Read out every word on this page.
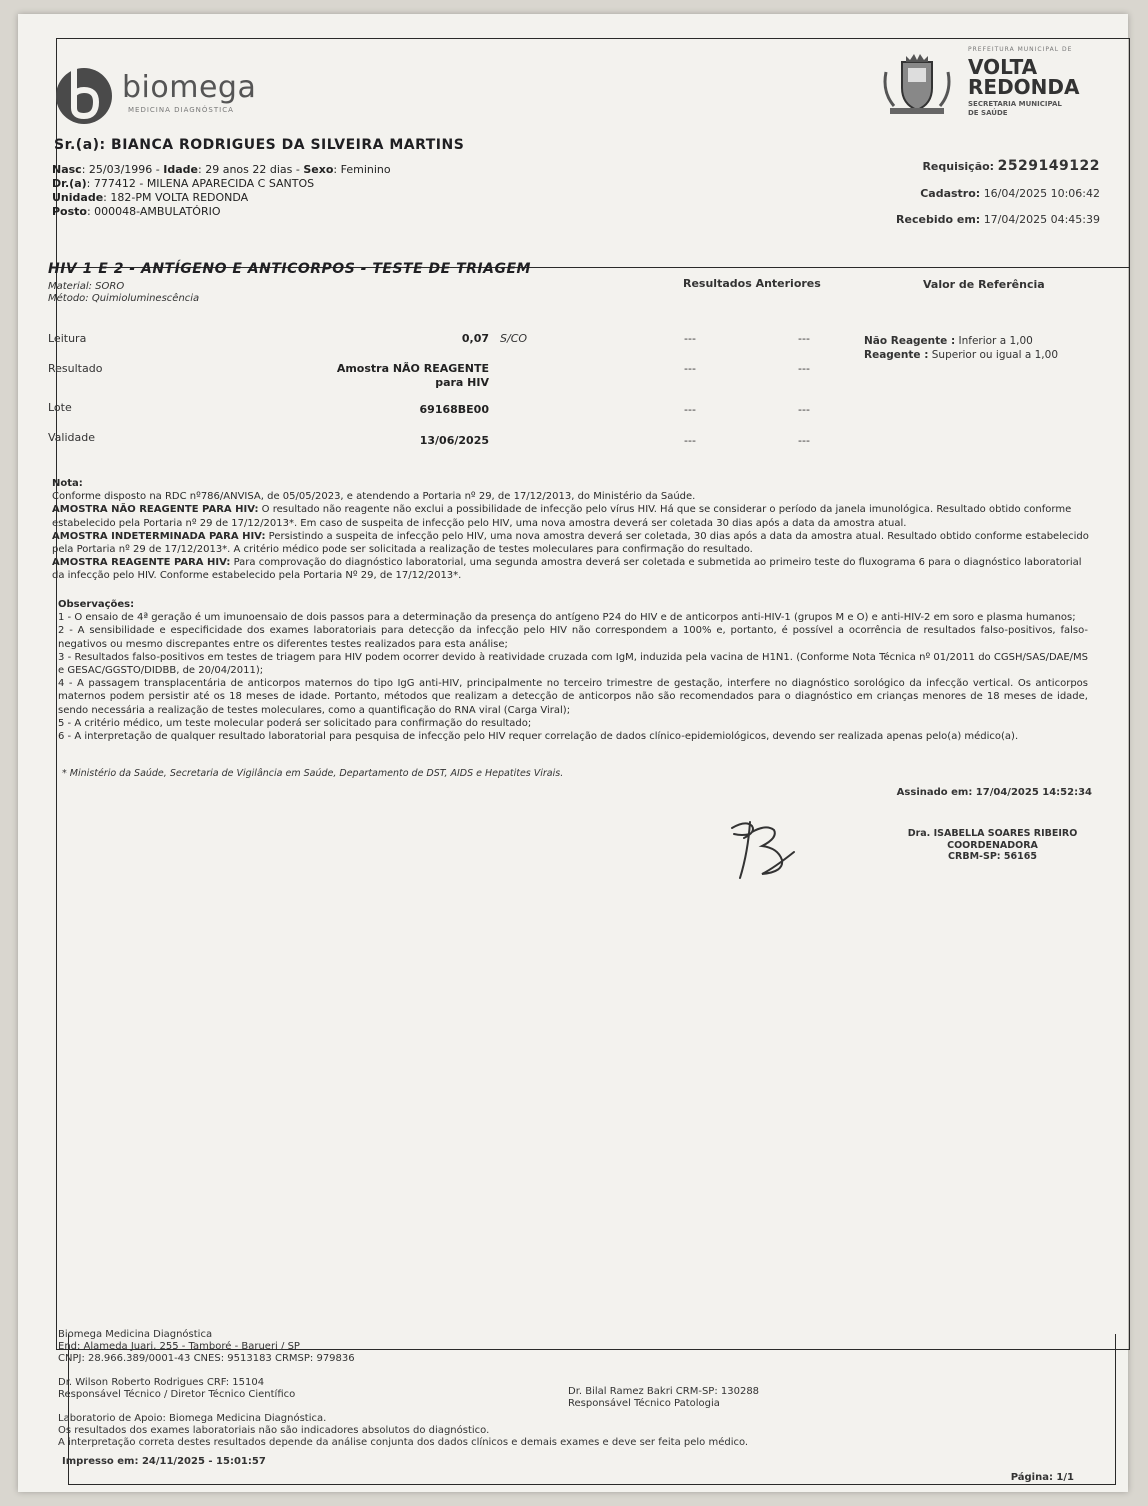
biomega
MEDICINA DIAGNÓSTICA
PREFEITURA MUNICIPAL DE
VOLTA
REDONDA
SECRETARIA MUNICIPAL
DE SAÚDE
Sr.(a): BIANCA RODRIGUES DA SILVEIRA MARTINS
Nasc: 25/03/1996 - Idade: 29 anos 22 dias - Sexo: Feminino
Dr.(a): 777412 - MILENA APARECIDA C SANTOS
Unidade: 182-PM VOLTA REDONDA
Posto: 000048-AMBULATÓRIO
Requisição: 2529149122
Cadastro: 16/04/2025 10:06:42
Recebido em: 17/04/2025 04:45:39
HIV 1 E 2 - ANTÍGENO E ANTICORPOS - TESTE DE TRIAGEM
Material: SORO
Método: Quimioluminescência
Resultados Anteriores	Valor de Referência
Leitura	0,07 S/CO	---	---
Resultado	Amostra NÃO REAGENTE
para HIV
---	---
Lote	69168BE00	---	---
Validade	13/06/2025	---	---
Não Reagente : Inferior a 1,00
Reagente : Superior ou igual a 1,00
Nota:
Conforme disposto na RDC nº786/ANVISA, de 05/05/2023, e atendendo a Portaria nº 29, de 17/12/2013, do Ministério da Saúde.
AMOSTRA NÃO REAGENTE PARA HIV: O resultado não reagente não exclui a possibilidade de infecção pelo vírus HIV. Há que se considerar o período da janela imunológica. Resultado obtido conforme estabelecido pela Portaria nº 29 de 17/12/2013*. Em caso de suspeita de infecção pelo HIV, uma nova amostra deverá ser coletada 30 dias após a data da amostra atual.
AMOSTRA INDETERMINADA PARA HIV: Persistindo a suspeita de infecção pelo HIV, uma nova amostra deverá ser coletada, 30 dias após a data da amostra atual. Resultado obtido conforme estabelecido pela Portaria nº 29 de 17/12/2013*. A critério médico pode ser solicitada a realização de testes moleculares para confirmação do resultado.
AMOSTRA REAGENTE PARA HIV: Para comprovação do diagnóstico laboratorial, uma segunda amostra deverá ser coletada e submetida ao primeiro teste do fluxograma 6 para o diagnóstico laboratorial da infecção pelo HIV. Conforme estabelecido pela Portaria Nº 29, de 17/12/2013*.
Observações:
1 - O ensaio de 4ª geração é um imunoensaio de dois passos para a determinação da presença do antígeno P24 do HIV e de anticorpos anti-HIV-1 (grupos M e O) e anti-HIV-2 em soro e plasma humanos;
2 - A sensibilidade e especificidade dos exames laboratoriais para detecção da infecção pelo HIV não correspondem a 100% e, portanto, é possível a ocorrência de resultados falso-positivos, falso-negativos ou mesmo discrepantes entre os diferentes testes realizados para esta análise;
3 - Resultados falso-positivos em testes de triagem para HIV podem ocorrer devido à reatividade cruzada com IgM, induzida pela vacina de H1N1. (Conforme Nota Técnica nº 01/2011 do CGSH/SAS/DAE/MS e GESAC/GGSTO/DIDBB, de 20/04/2011);
4 - A passagem transplacentária de anticorpos maternos do tipo IgG anti-HIV, principalmente no terceiro trimestre de gestação, interfere no diagnóstico sorológico da infecção vertical. Os anticorpos maternos podem persistir até os 18 meses de idade. Portanto, métodos que realizam a detecção de anticorpos não são recomendados para o diagnóstico em crianças menores de 18 meses de idade, sendo necessária a realização de testes moleculares, como a quantificação do RNA viral (Carga Viral);
5 - A critério médico, um teste molecular poderá ser solicitado para confirmação do resultado;
6 - A interpretação de qualquer resultado laboratorial para pesquisa de infecção pelo HIV requer correlação de dados clínico-epidemiológicos, devendo ser realizada apenas pelo(a) médico(a).
* Ministério da Saúde, Secretaria de Vigilância em Saúde, Departamento de DST, AIDS e Hepatites Virais.
Assinado em: 17/04/2025 14:52:34
Dra. ISABELLA SOARES RIBEIRO
COORDENADORA
CRBM-SP: 56165
Biomega Medicina Diagnóstica
End: Alameda Juari, 255 - Tamboré - Barueri / SP
CNPJ: 28.966.389/0001-43 CNES: 9513183 CRMSP: 979836
Dr. Wilson Roberto Rodrigues CRF: 15104
Responsável Técnico / Diretor Técnico Científico	Dr. Bilal Ramez Bakri CRM-SP: 130288
Responsável Técnico Patologia
Laboratorio de Apoio: Biomega Medicina Diagnóstica.
Os resultados dos exames laboratoriais não são indicadores absolutos do diagnóstico.
A interpretação correta destes resultados depende da análise conjunta dos dados clínicos e demais exames e deve ser feita pelo médico.
Impresso em: 24/11/2025 - 15:01:57
Página: 1/1
